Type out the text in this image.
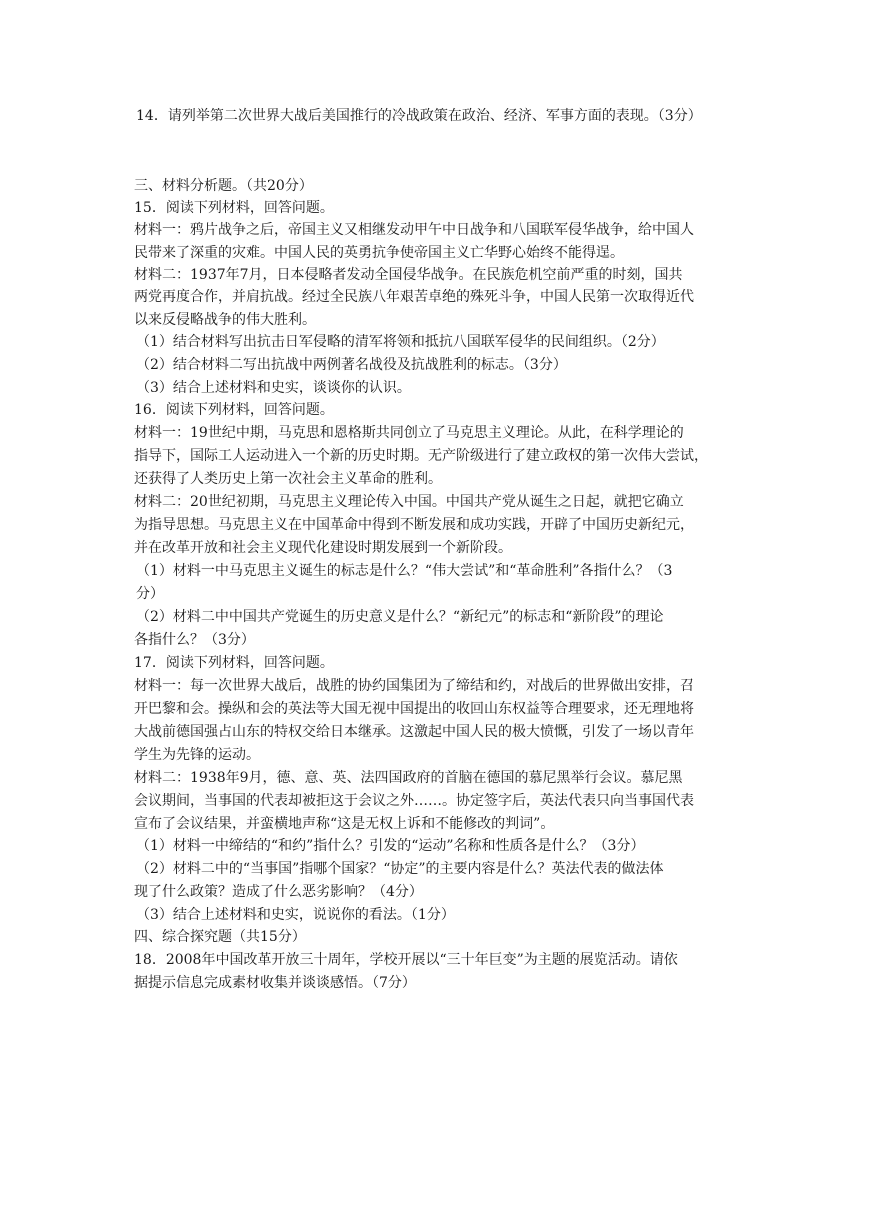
14．请列举第二次世界大战后美国推行的冷战政策在政治、经济、军事方面的表现。（3分）
三、材料分析题。（共20分）
15．阅读下列材料，回答问题。
材料一：鸦片战争之后，帝国主义又相继发动甲午中日战争和八国联军侵华战争，给中国人
民带来了深重的灾难。中国人民的英勇抗争使帝国主义亡华野心始终不能得逞。
材料二：1937年7月，日本侵略者发动全国侵华战争。在民族危机空前严重的时刻，国共
两党再度合作，并肩抗战。经过全民族八年艰苦卓绝的殊死斗争，中国人民第一次取得近代
以来反侵略战争的伟大胜利。
（1）结合材料写出抗击日军侵略的清军将领和抵抗八国联军侵华的民间组织。（2分）
（2）结合材料二写出抗战中两例著名战役及抗战胜利的标志。（3分）
（3）结合上述材料和史实，谈谈你的认识。
16．阅读下列材料，回答问题。
材料一：19世纪中期，马克思和恩格斯共同创立了马克思主义理论。从此，在科学理论的
指导下，国际工人运动进入一个新的历史时期。无产阶级进行了建立政权的第一次伟大尝试，
还获得了人类历史上第一次社会主义革命的胜利。
材料二：20世纪初期，马克思主义理论传入中国。中国共产党从诞生之日起，就把它确立
为指导思想。马克思主义在中国革命中得到不断发展和成功实践，开辟了中国历史新纪元，
并在改革开放和社会主义现代化建设时期发展到一个新阶段。
（1）材料一中马克思主义诞生的标志是什么？“伟大尝试”和“革命胜利”各指什么？（3
分）
（2）材料二中中国共产党诞生的历史意义是什么？“新纪元”的标志和“新阶段”的理论
各指什么？（3分）
17．阅读下列材料，回答问题。
材料一：每一次世界大战后，战胜的协约国集团为了缔结和约，对战后的世界做出安排，召
开巴黎和会。操纵和会的英法等大国无视中国提出的收回山东权益等合理要求，还无理地将
大战前德国强占山东的特权交给日本继承。这激起中国人民的极大愤慨，引发了一场以青年
学生为先锋的运动。
材料二：1938年9月，德、意、英、法四国政府的首脑在德国的慕尼黑举行会议。慕尼黑
会议期间，当事国的代表却被拒这于会议之外……。协定签字后，英法代表只向当事国代表
宣布了会议结果，并蛮横地声称“这是无权上诉和不能修改的判词”。
（1）材料一中缔结的“和约”指什么？引发的“运动”名称和性质各是什么？（3分）
（2）材料二中的“当事国”指哪个国家？“协定”的主要内容是什么？英法代表的做法体
现了什么政策？造成了什么恶劣影响？（4分）
（3）结合上述材料和史实，说说你的看法。（1分）
四、综合探究题（共15分）
18．2008年中国改革开放三十周年，学校开展以“三十年巨变”为主题的展览活动。请依
据提示信息完成素材收集并谈谈感悟。（7分）
